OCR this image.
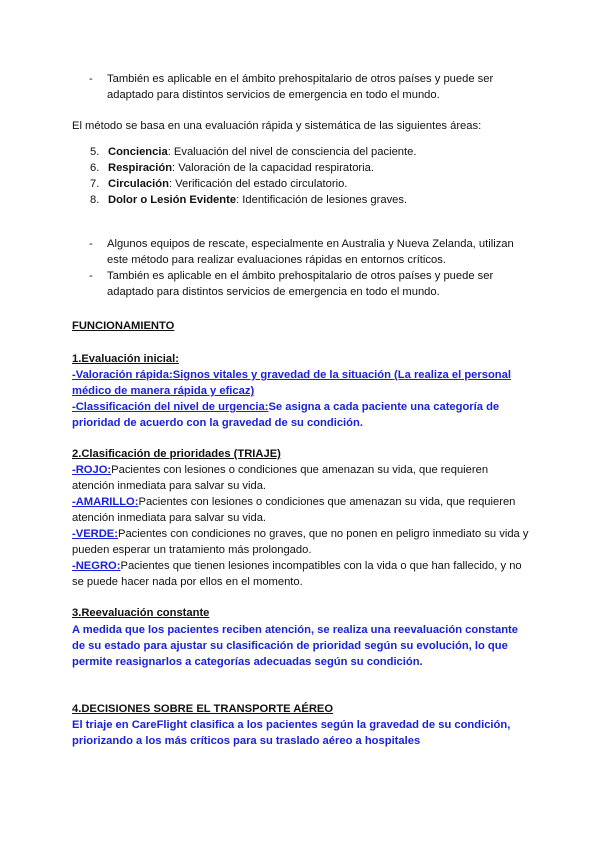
-	También es aplicable en el ámbito prehospitalario de otros países y puede ser adaptado para distintos servicios de emergencia en todo el mundo.
El método se basa en una evaluación rápida y sistemática de las siguientes áreas:
5. Conciencia: Evaluación del nivel de consciencia del paciente.
6. Respiración: Valoración de la capacidad respiratoria.
7. Circulación: Verificación del estado circulatorio.
8. Dolor o Lesión Evidente: Identificación de lesiones graves.
-	Algunos equipos de rescate, especialmente en Australia y Nueva Zelanda, utilizan este método para realizar evaluaciones rápidas en entornos críticos.
-	También es aplicable en el ámbito prehospitalario de otros países y puede ser adaptado para distintos servicios de emergencia en todo el mundo.
FUNCIONAMIENTO
1.Evaluación inicial:
-Valoración rápida:Signos vitales y gravedad de la situación (La realiza el personal médico de manera rápida y eficaz)
-Classificación del nivel de urgencia:Se asigna a cada paciente una categoría de prioridad de acuerdo con la gravedad de su condición.
2.Clasificación de prioridades (TRIAJE)
-ROJO:Pacientes con lesiones o condiciones que amenazan su vida, que requieren atención inmediata para salvar su vida.
-AMARILLO:Pacientes con lesiones o condiciones que amenazan su vida, que requieren atención inmediata para salvar su vida.
-VERDE:Pacientes con condiciones no graves, que no ponen en peligro inmediato su vida y pueden esperar un tratamiento más prolongado.
-NEGRO:Pacientes que tienen lesiones incompatibles con la vida o que han fallecido, y no se puede hacer nada por ellos en el momento.
3.Reevaluación constante
A medida que los pacientes reciben atención, se realiza una reevaluación constante de su estado para ajustar su clasificación de prioridad según su evolución, lo que permite reasignarlos a categorías adecuadas según su condición.
4.DECISIONES SOBRE EL TRANSPORTE AÉREO
El triaje en CareFlight clasifica a los pacientes según la gravedad de su condición, priorizando a los más críticos para su traslado aéreo a hospitales
